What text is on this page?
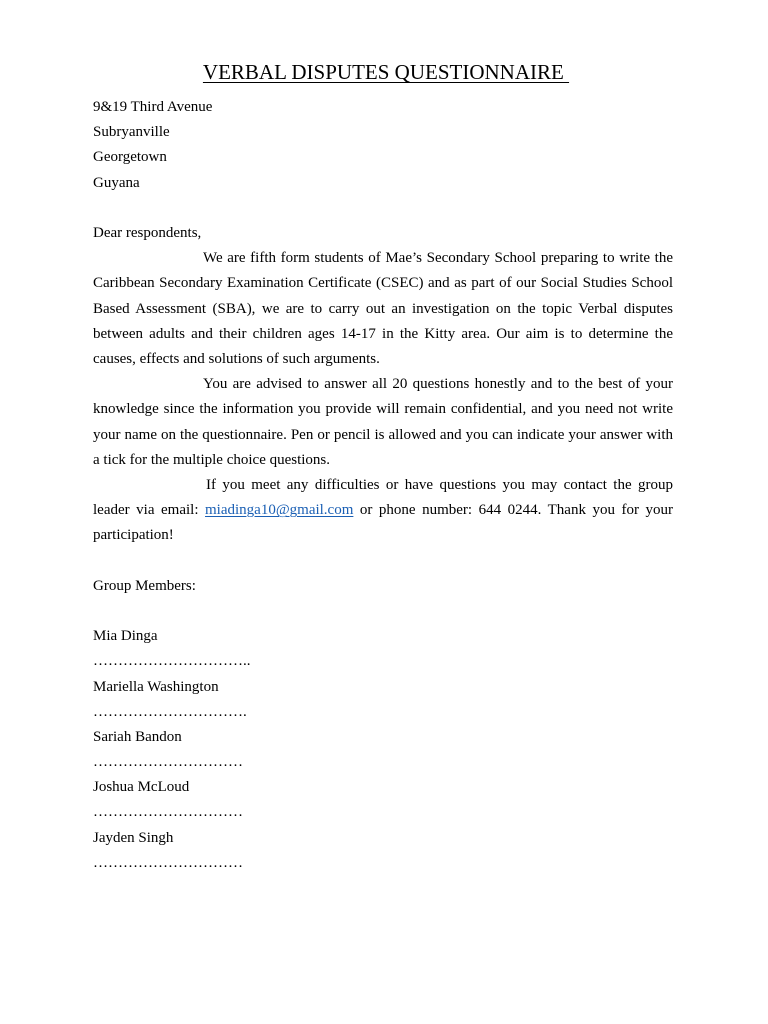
VERBAL DISPUTES QUESTIONNAIRE
9&19 Third Avenue
Subryanville
Georgetown
Guyana
Dear respondents,

We are fifth form students of Mae’s Secondary School preparing to write the Caribbean Secondary Examination Certificate (CSEC) and as part of our Social Studies School Based Assessment (SBA), we are to carry out an investigation on the topic Verbal disputes between adults and their children ages 14-17 in the Kitty area. Our aim is to determine the causes, effects and solutions of such arguments.

You are advised to answer all 20 questions honestly and to the best of your knowledge since the information you provide will remain confidential, and you need not write your name on the questionnaire. Pen or pencil is allowed and you can indicate your answer with a tick for the multiple choice questions.

If you meet any difficulties or have questions you may contact the group leader via email: miadinga10@gmail.com or phone number: 644 0244. Thank you for your participation!

Group Members:
Mia Dinga
…………………………..
Mariella Washington
………………………….
Sariah Bandon
…………………………
Joshua McLoud
…………………………
Jayden Singh
…………………………
